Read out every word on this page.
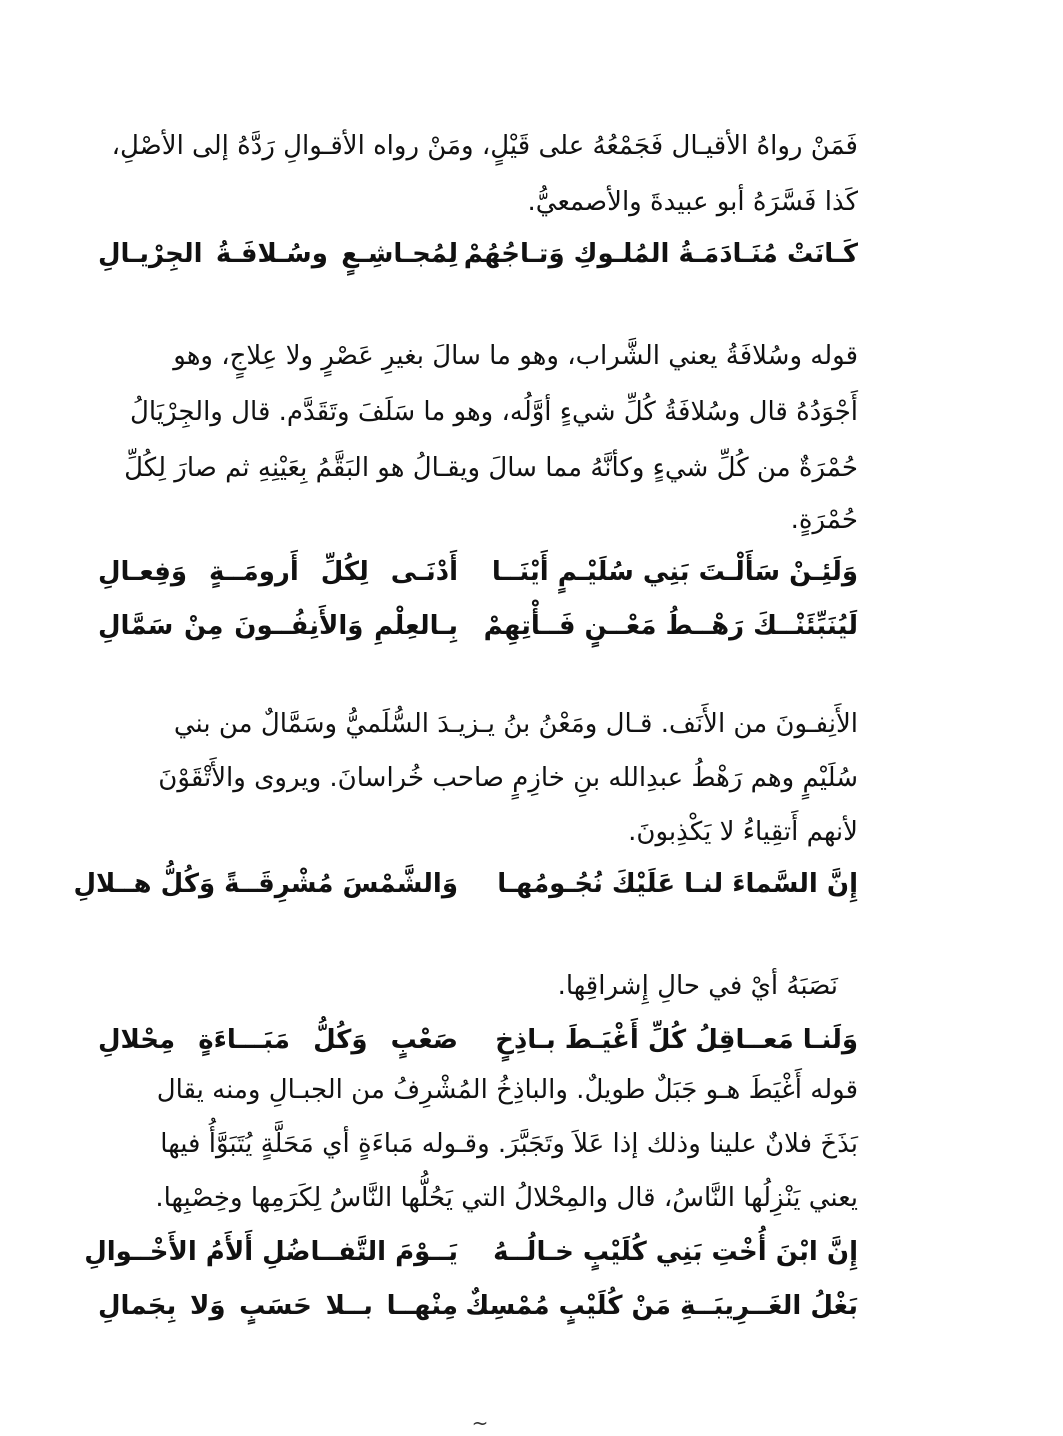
فَمَنْ رواهُ الأقيـال فَجَمْعُهُ على قَيْلٍ، ومَنْ رواه الأقـوالِ رَدَّهُ إلى الأصْلِ،
كَذا فَسَّرَهُ أبو عبيدةَ والأصمعيُّ.
كَـانَتْ مُنَـادَمَـةُ المُلـوكِ وَتـاجُهُمْ
لِمُجـاشِـعٍ وسُـلافَـةُ الجِرْيـالِ
قوله وسُلافَةُ يعني الشَّراب، وهو ما سالَ بغيرِ عَصْرٍ ولا عِلاجٍ، وهو
أَجْوَدُهُ قال وسُلافَةُ كُلِّ شيءٍ أوَّلُه، وهو ما سَلَفَ وتَقَدَّم. قال والجِرْيَالُ
حُمْرَةٌ من كُلِّ شيءٍ وكأنَّهُ مما سالَ ويقـالُ هو البَقَّمُ بِعَيْنِهِ ثم صارَ لِكُلِّ
حُمْرَةٍ.
وَلَئِـنْ سَأَلْـتَ بَنِي سُلَيْـمٍ أَيْنَــا
أَدْنَـى لِكُلِّ أَرومَــةٍ وَفِعـالِ
لَيُنَبِّئَنْــكَ رَهْــطُ مَعْــنٍ فَــأْتِهِمْ
بِـالعِلْمِ وَالأَنِفُــونَ مِنْ سَمَّالِ
الأَنِفـونَ من الأَنَف. قـال ومَعْنُ بنُ يـزيـدَ السُّلَميُّ وسَمَّالٌ من بني
سُلَيْمٍ وهم رَهْطُ عبدِالله بنِ خازِمٍ صاحب خُراسانَ. ويروى والأَتْقَوْنَ
لأنهم أَتقِياءُ لا يَكْذِبونَ.
إِنَّ السَّماءَ لنـا عَلَيْكَ نُجُـومُهـا
وَالشَّمْسَ مُشْرِقَــةً وَكُلُّ هــلالِ
نَصَبَهُ أيْ في حالِ إِشراقِها.
وَلَنـا مَعــاقِلُ كُلِّ أَغْيَـطَ بـاذِخٍ
صَعْبٍ وَكُلُّ مَبَـــاءَةٍ مِحْلالِ
قوله أَغْيَطَ هـو جَبَلٌ طويلٌ. والباذِخُ المُشْرِفُ من الجبـالِ ومنه يقال
بَذَخَ فلانٌ علينا وذلك إذا عَلاَ وتَجَبَّرَ. وقـوله مَباءَةٍ أي مَحَلَّةٍ يُتَبَوَّأُ فيها
يعني يَنْزِلُها النَّاسُ، قال والمِحْلالُ التي يَحُلُّها النَّاسُ لِكَرَمِها وخِصْبِها.
إِنَّ ابْنَ أُخْتِ بَنِي كُلَيْبٍ خـالُــهُ
يَــوْمَ التَّفــاضُلِ أَلأَمُ الأَخْــوالِ
بَغْلُ الغَــرِيبَــةِ مَنْ كُلَيْبٍ مُمْسِكٌ
مِنْهــا بــلا حَسَبٍ وَلا بِجَمالِ
~
